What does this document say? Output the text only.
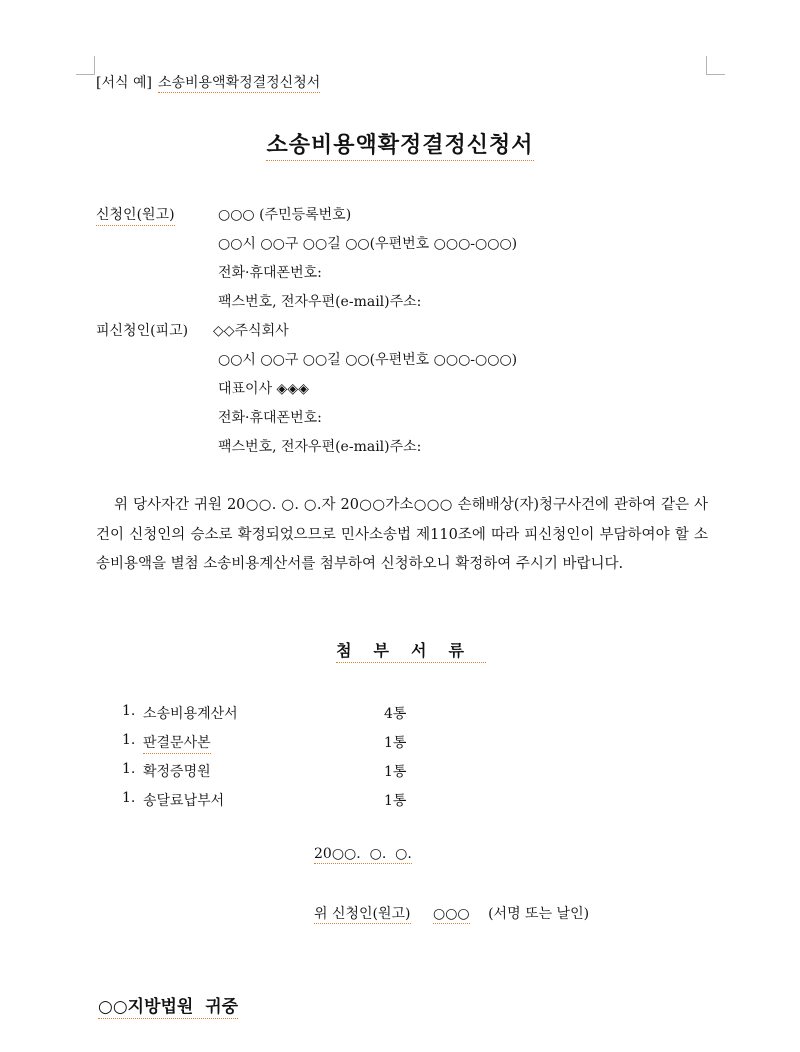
[서식 예] 소송비용액확정결정신청서
소송비용액확정결정신청서
신청인(원고)	○○○ (주민등록번호)
○○시 ○○구 ○○길 ○○(우편번호 ○○○-○○○)
전화·휴대폰번호:
팩스번호, 전자우편(e-mail)주소:
피신청인(피고) ◇◇주식회사
○○시 ○○구 ○○길 ○○(우편번호 ○○○-○○○)
대표이사 ◈◈◈
전화·휴대폰번호:
팩스번호, 전자우편(e-mail)주소:
위 당사자간 귀원 20○○. ○. ○.자 20○○가소○○○ 손해배상(자)청구사건에 관하여 같은 사건이 신청인의 승소로 확정되었으므로 민사소송법 제110조에 따라 피신청인이 부담하여야 할 소송비용액을 별첨 소송비용계산서를 첨부하여 신청하오니 확정하여 주시기 바랍니다.
첨부서류
1. 소송비용계산서	4통
1. 판결문사본	1통
1. 확정증명원	1통
1. 송달료납부서	1통
20○○.  ○.  ○.
위 신청인(원고) ○○○ (서명 또는 날인)
○○지방법원  귀중
